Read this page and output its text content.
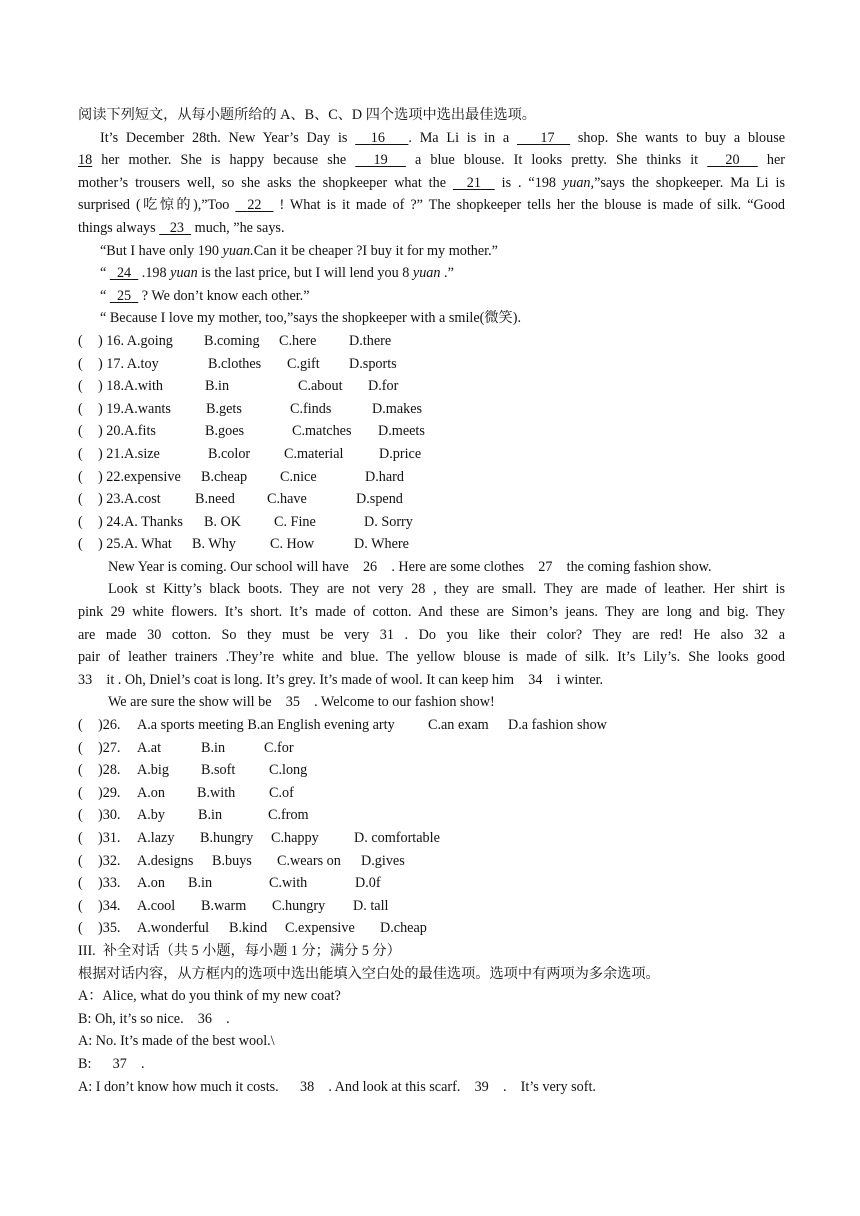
阅读下列短文，从每小题所给的 A、B、C、D 四个选项中选出最佳选项。
It’s December 28th. New Year’s Day is   16 . Ma Li is in a    17   shop. She wants to buy a blouse
18 her mother. She is happy because she   19   a blue blouse. It looks pretty. She thinks it   20   her
mother’s trousers well, so she asks the shopkeeper what the   21   is . “198 yuan,”says the shopkeeper. Ma Li is
surprised (吃惊的),”Too   22   ! What is it made of ?” The shopkeeper tells her the blouse is made of silk. “Good
things always    23   much, ”he says.
“But I have only 190 yuan.Can it be cheaper ?I buy it for my mother.”
“   24   .198 yuan is the last price, but I will lend you 8 yuan .”
“   25   ? We don’t know each other.”
“ Because I love my mother, too,”says the shopkeeper with a smile(微笑).
(	) 16. A.going	B.coming	C.here	D.there
(	) 17. A.toy	B.clothes	C.gift	D.sports
(	) 18.A.with	B.in	C.about	D.for
(	) 19.A.wants	B.gets	C.finds	D.makes
(	) 20.A.fits	B.goes	C.matches	D.meets
(	) 21.A.size	B.color	C.material	D.price
(	) 22.expensive	B.cheap	C.nice	D.hard
(	) 23.A.cost	B.need	C.have	D.spend
(	) 24.A. Thanks	B. OK	C. Fine	D. Sorry
(	) 25.A. What	B. Why	C. How	D. Where
New Year is coming. Our school will have    26    . Here are some clothes    27    the coming fashion show.
Look st Kitty’s black boots. They are not very 28 , they are small. They are made of leather. Her shirt is
pink 29 white flowers. It’s short. It’s made of cotton. And these are Simon’s jeans. They are long and big. They
are made 30 cotton. So they must be very 31 . Do you like their color? They are red! He also 32 a
pair of leather trainers .They’re white and blue. The yellow blouse is made of silk. It’s Lily’s. She looks good
33    it . Oh, Dniel’s coat is long. It’s grey. It’s made of wool. It can keep him    34    i winter.
We are sure the show will be    35    . Welcome to our fashion show!
(	)26.	A.a sports meeting B.an English evening arty	C.an exam	D.a fashion show
(	)27.	A.at	B.in	C.for
(	)28.	A.big	B.soft	C.long
(	)29.	A.on	B.with	C.of
(	)30.	A.by	B.in	C.from
(	)31.	A.lazy	B.hungry	C.happy	D. comfortable
(	)32.	A.designs	B.buys	C.wears on	D.gives
(	)33.	A.on	B.in	C.with	D.0f
(	)34.	A.cool	B.warm	C.hungry	D. tall
(	)35.	A.wonderful	B.kind	C.expensive	D.cheap
III.  补全对话（共 5 小题，每小题 1 分；满分 5 分）
根据对话内容，从方框内的选项中选出能填入空白处的最佳选项。选项中有两项为多余选项。
A：Alice, what do you think of my new coat?
B: Oh, it’s so nice.    36    .
A: No. It’s made of the best wool.\
B:      37    .
A: I don’t know how much it costs.      38    . And look at this scarf.    39    .    It’s very soft.
